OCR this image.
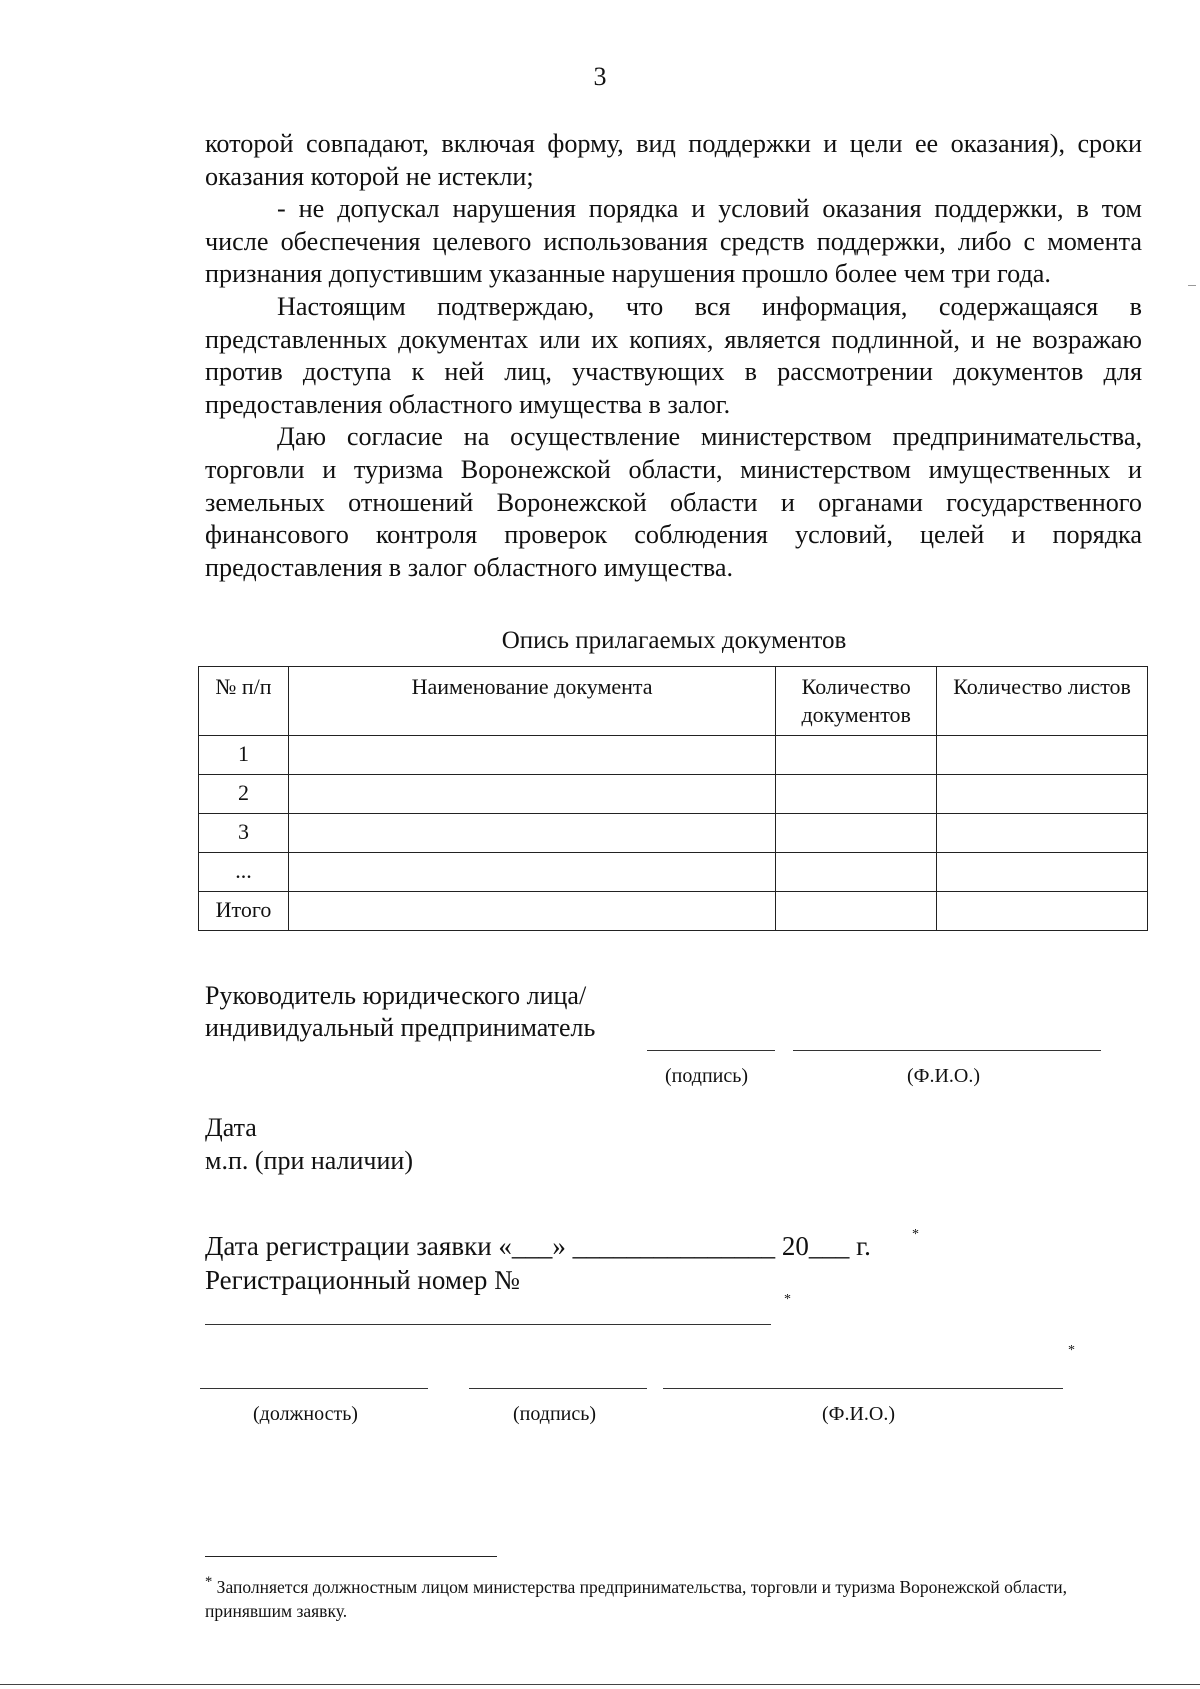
3

которой совпадают, включая форму, вид поддержки и цели ее оказания), сроки оказания которой не истекли;

- не допускал нарушения порядка и условий оказания поддержки, в том числе обеспечения целевого использования средств поддержки, либо с момента признания допустившим указанные нарушения прошло более чем три года.

Настоящим подтверждаю, что вся информация, содержащаяся в представленных документах или их копиях, является подлинной, и не возражаю против доступа к ней лиц, участвующих в рассмотрении документов для предоставления областного имущества в залог.

Даю согласие на осуществление министерством предпринимательства, торговли и туризма Воронежской области, министерством имущественных и земельных отношений Воронежской области и органами государственного финансового контроля проверок соблюдения условий, целей и порядка предоставления в залог областного имущества.

Опись прилагаемых документов
№ п/п	Наименование документа	Количество документов	Количество листов
1			
2			
3			
...			
Итого			
Руководитель юридического лица/
индивидуальный предприниматель
(подпись)	(Ф.И.О.)
Дата
м.п. (при наличии)
Дата регистрации заявки «___» _______________ 20___ г.	*
Регистрационный номер №
*
*
(должность)	(подпись)	(Ф.И.О.)
* Заполняется должностным лицом министерства предпринимательства, торговли и туризма Воронежской области, принявшим заявку.
